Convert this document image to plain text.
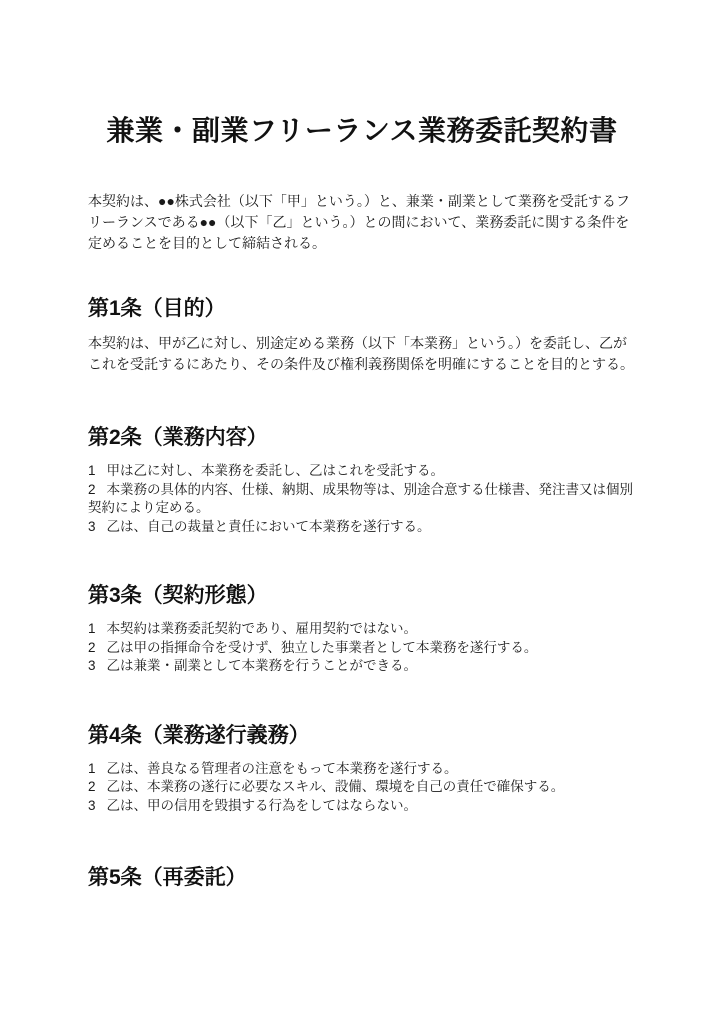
兼業・副業フリーランス業務委託契約書

本契約は、●●株式会社（以下「甲」という。）と、兼業・副業として業務を受託するフリーランスである●●（以下「乙」という。）との間において、業務委託に関する条件を定めることを目的として締結される。

第1条（目的）

本契約は、甲が乙に対し、別途定める業務（以下「本業務」という。）を委託し、乙がこれを受託するにあたり、その条件及び権利義務関係を明確にすることを目的とする。

第2条（業務内容）

1 甲は乙に対し、本業務を委託し、乙はこれを受託する。

2 本業務の具体的内容、仕様、納期、成果物等は、別途合意する仕様書、発注書又は個別契約により定める。

3 乙は、自己の裁量と責任において本業務を遂行する。

第3条（契約形態）

1 本契約は業務委託契約であり、雇用契約ではない。

2 乙は甲の指揮命令を受けず、独立した事業者として本業務を遂行する。

3 乙は兼業・副業として本業務を行うことができる。

第4条（業務遂行義務）

1 乙は、善良なる管理者の注意をもって本業務を遂行する。

2 乙は、本業務の遂行に必要なスキル、設備、環境を自己の責任で確保する。

3 乙は、甲の信用を毀損する行為をしてはならない。

第5条（再委託）
